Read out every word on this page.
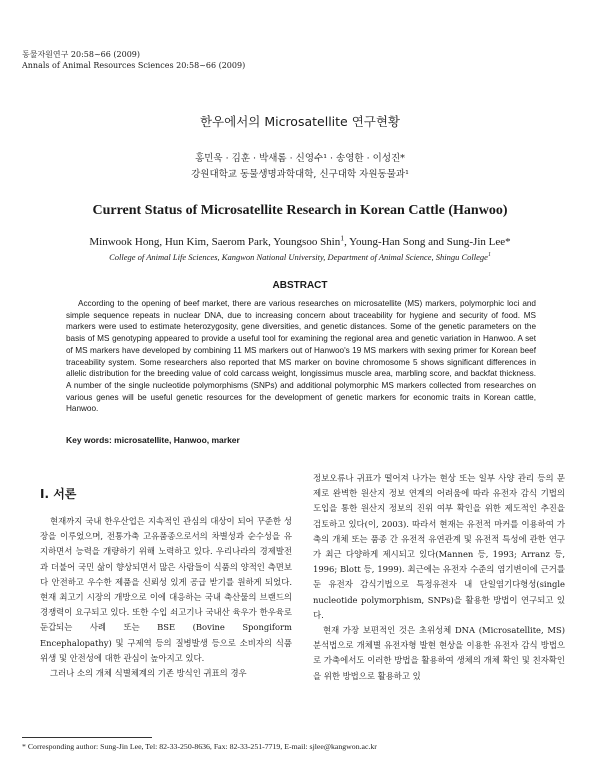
동물자원연구 20:58~66 (2009)
Annals of Animal Resources Sciences 20:58~66 (2009)
한우에서의 Microsatellite 연구현황
홍민욱 · 김훈 · 박새롬 · 신영수¹ · 송영한 · 이성진*
강원대학교 동물생명과학대학, 신구대학 자원동물과¹
Current Status of Microsatellite Research in Korean Cattle (Hanwoo)
Minwook Hong, Hun Kim, Saerom Park, Youngsoo Shin$^1$, Young-Han Song and Sung-Jin Lee*
College of Animal Life Sciences, Kangwon National University, Department of Animal Science, Shingu College$^1$
ABSTRACT
According to the opening of beef market, there are various researches on microsatellite (MS) markers, polymorphic loci and simple sequence repeats in nuclear DNA, due to increasing concern about traceability for hygiene and security of food. MS markers were used to estimate heterozygosity, gene diversities, and genetic distances. Some of the genetic parameters on the basis of MS genotyping appeared to provide a useful tool for examining the regional area and genetic variation in Hanwoo. A set of MS markers have developed by combining 11 MS markers out of Hanwoo's 19 MS markers with sexing primer for Korean beef traceability system. Some researchers also reported that MS marker on bovine chromosome 5 shows significant differences in allelic distribution for the breeding value of cold carcass weight, longissimus muscle area, marbling score, and backfat thickness. A number of the single nucleotide polymorphisms (SNPs) and additional polymorphic MS markers collected from researches on various genes will be useful genetic resources for the development of genetic markers for economic traits in Korean cattle, Hanwoo.
Key words: microsatellite, Hanwoo, marker
Ⅰ. 서론

현재까지 국내 한우산업은 지속적인 관심의 대상이 되어 꾸준한 성장을 이루었으며, 전통가축 고유품종으로서의 차별성과 순수성을 유지하면서 능력을 개량하기 위해 노력하고 있다. 우리나라의 경제발전과 더불어 국민 삶이 향상되면서 많은 사람들이 식품의 양적인 측면보다 안전하고 우수한 제품을 신뢰성 있게 공급 받기를 원하게 되었다. 현재 최고기 시장의 개방으로 이에 대응하는 국내 축산물의 브랜드의 경쟁력이 요구되고 있다. 또한 수입 쇠고기나 국내산 육우가 한우육로 둔갑되는 사례 또는 BSE (Bovine Spongiform Encephalopathy) 및 구제역 등의 질병발생 등으로 소비자의 식품 위생 및 안전성에 대한 관심이 높아지고 있다.

그러나 소의 개체 식별체계의 기존 방식인 귀표의 경우

정보오류나 귀표가 떨어져 나가는 현상 또는 일부 사양 관리 등의 문제로 완벽한 원산지 정보 연계의 어려움에 따라 유전자 감식 기법의 도입을 통한 원산지 정보의 진위 여부 확인을 위한 제도적인 추진을 검토하고 있다(이, 2003). 따라서 현재는 유전적 마커를 이용하여 가축의 개체 또는 품종 간 유전적 유연관계 및 유전적 특성에 관한 연구가 최근 다양하게 제시되고 있다(Mannen 등, 1993; Arranz 등, 1996; Blott 등, 1999). 최근에는 유전자 수준의 염기변이에 근거를 둔 유전자 감식기법으로 특정유전자 내 단일염기다형성(single nucleotide polymorphism, SNPs)을 활용한 방법이 연구되고 있다.

현재 가장 보편적인 것은 초위성체 DNA (Microsatellite, MS)분석법으로 개체별 유전자형 발현 현상을 이용한 유전자 감식 방법으로 가축에서도 이러한 방법을 활용하여 생체의 개체 확인 및 친자확인을 위한 방법으로 활용하고 있

* Corresponding author: Sung-Jin Lee, Tel: 82-33-250-8636, Fax: 82-33-251-7719, E-mail: sjlee@kangwon.ac.kr
